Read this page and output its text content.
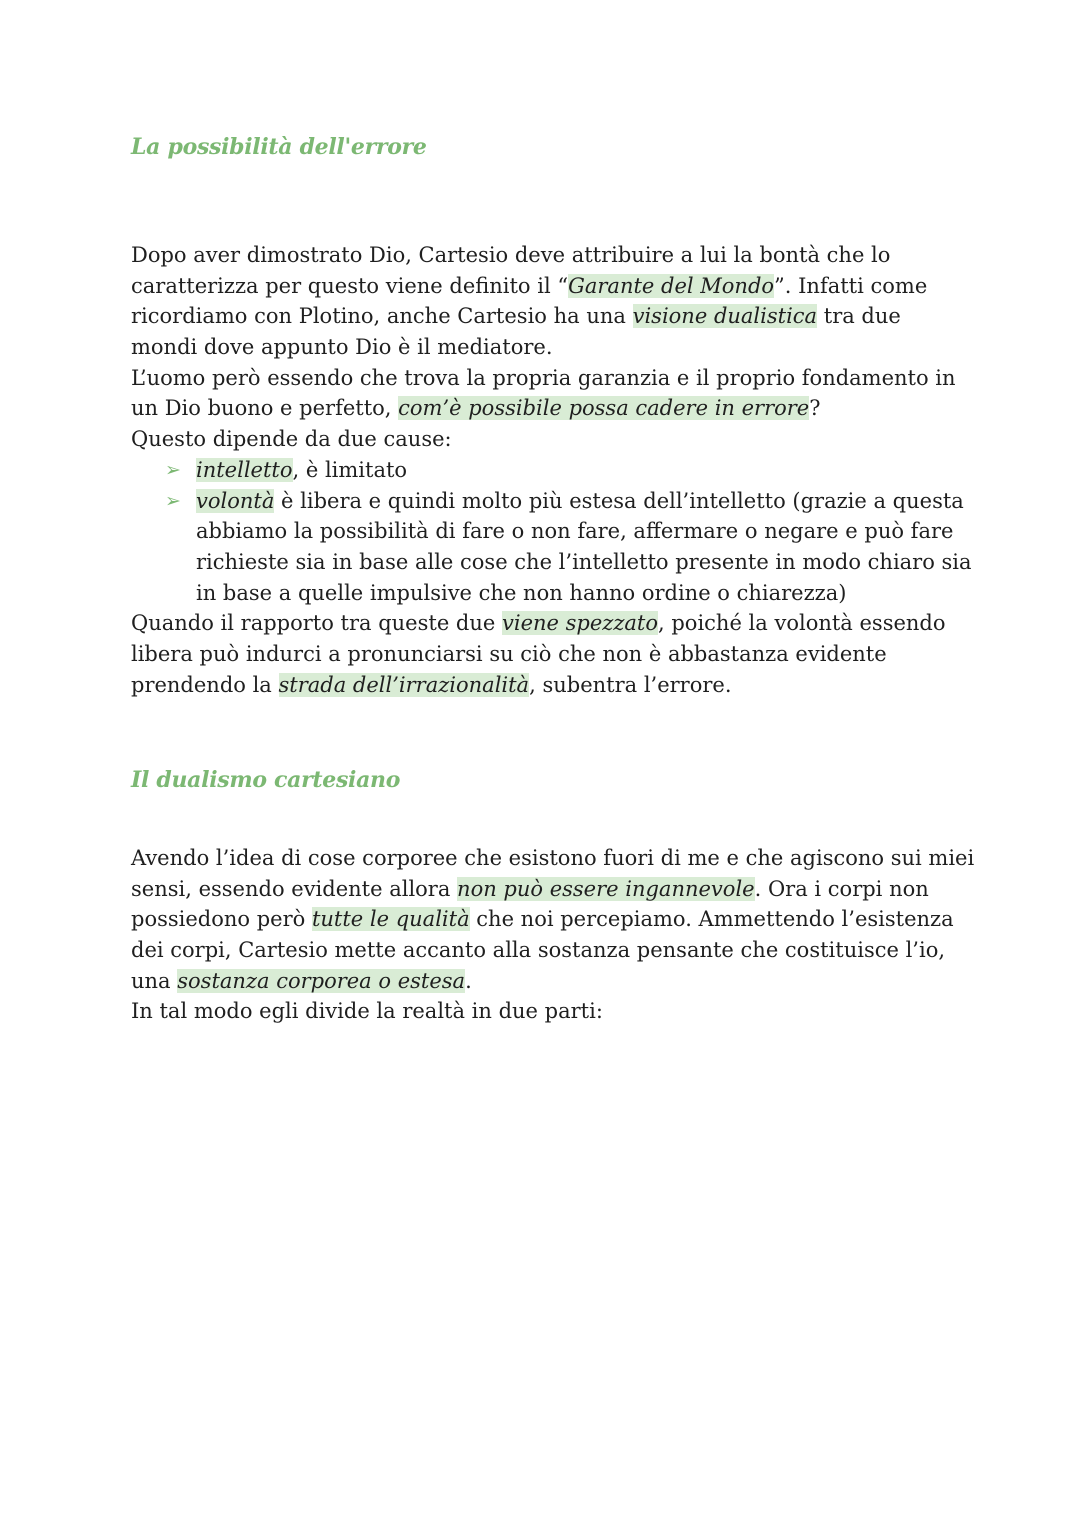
La possibilità dell'errore
Dopo aver dimostrato Dio, Cartesio deve attribuire a lui la bontà che lo
caratterizza per questo viene definito il “Garante del Mondo”. Infatti come
ricordiamo con Plotino, anche Cartesio ha una visione dualistica tra due
mondi dove appunto Dio è il mediatore.
L’uomo però essendo che trova la propria garanzia e il proprio fondamento in
un Dio buono e perfetto, com’è possibile possa cadere in errore?
Questo dipende da due cause:
➢ intelletto, è limitato
➢ volontà è libera e quindi molto più estesa dell’intelletto (grazie a questa
abbiamo la possibilità di fare o non fare, affermare o negare e può fare
richieste sia in base alle cose che l’intelletto presente in modo chiaro sia
in base a quelle impulsive che non hanno ordine o chiarezza)
Quando il rapporto tra queste due viene spezzato, poiché la volontà essendo
libera può indurci a pronunciarsi su ciò che non è abbastanza evidente
prendendo la strada dell’irrazionalità, subentra l’errore.
Il dualismo cartesiano
Avendo l’idea di cose corporee che esistono fuori di me e che agiscono sui miei
sensi, essendo evidente allora non può essere ingannevole. Ora i corpi non
possiedono però tutte le qualità che noi percepiamo. Ammettendo l’esistenza
dei corpi, Cartesio mette accanto alla sostanza pensante che costituisce l’io,
una sostanza corporea o estesa.
In tal modo egli divide la realtà in due parti:
